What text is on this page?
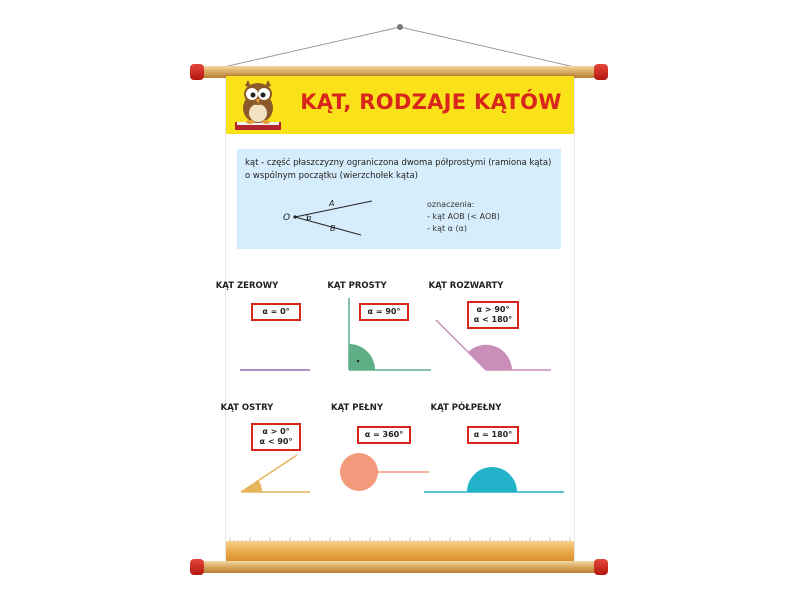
KĄT, RODZAJE KĄTÓW
kąt - część płaszczyzny ograniczona dwoma półprostymi (ramiona kąta)
o wspólnym początku (wierzchołek kąta)
O
A
B
α
oznaczenia:
- kąt AOB (< AOB)
- kąt α (α)
KĄT ZEROWY
α = 0°
KĄT PROSTY
α = 90°
KĄT ROZWARTY
α > 90°
α < 180°
KĄT OSTRY
α > 0°
α < 90°
KĄT PEŁNY
α = 360°
KĄT PÓŁPEŁNY
α = 180°
